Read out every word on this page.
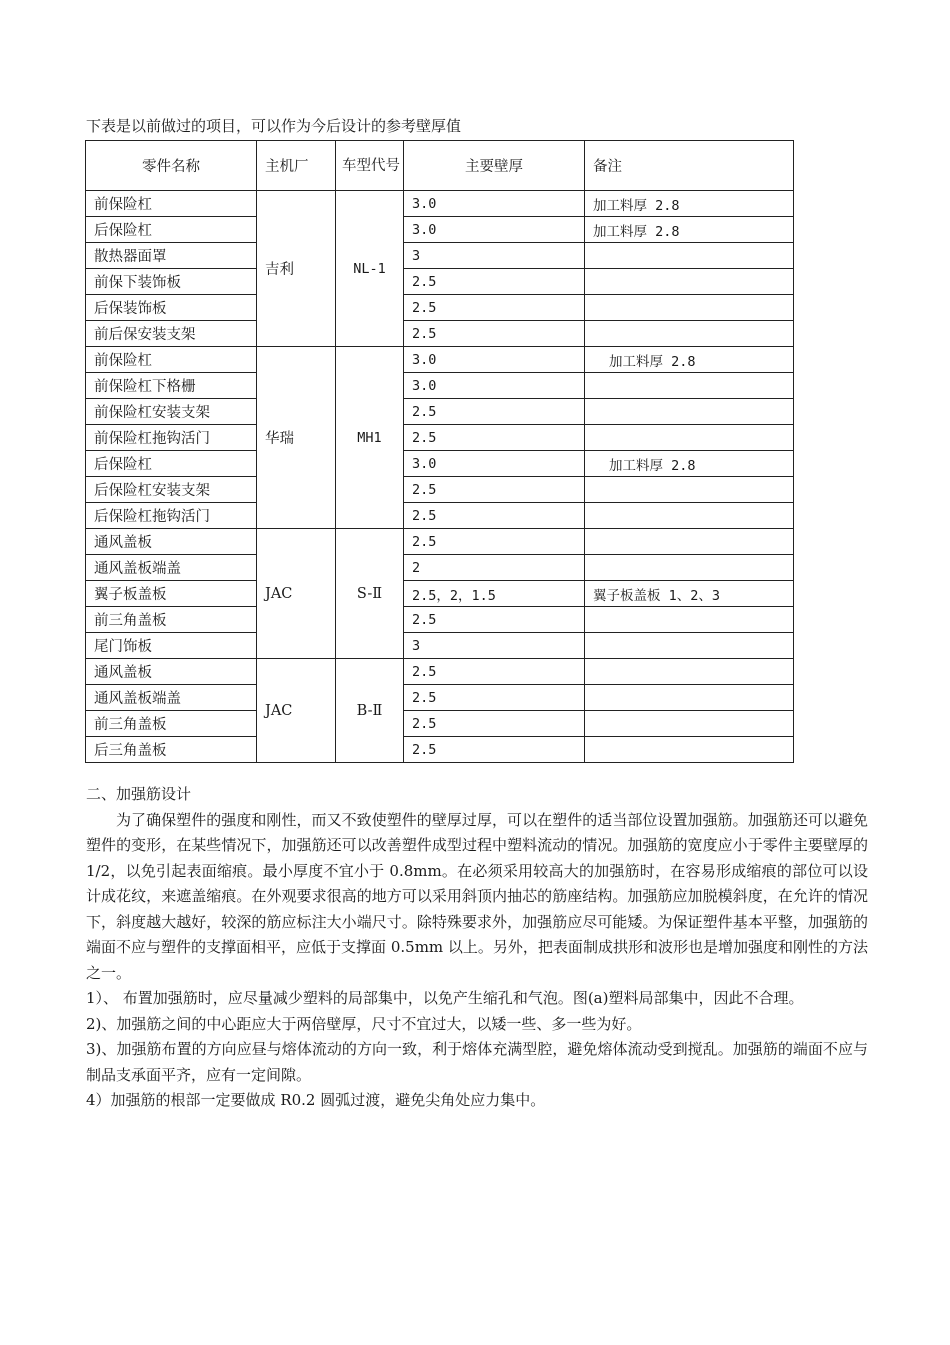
下表是以前做过的项目，可以作为今后设计的参考壁厚值
零件名称	主机厂	车型代号	主要壁厚	备注
前保险杠	吉利	NL-1	3.0	加工料厚 2.8
后保险杠			3.0	加工料厚 2.8
散热器面罩			3	
前保下装饰板			2.5	
后保装饰板			2.5	
前后保安装支架			2.5	
前保险杠	华瑞	MH1	3.0	加工料厚 2.8
前保险杠下格栅			3.0	
前保险杠安装支架			2.5	
前保险杠拖钩活门			2.5	
后保险杠			3.0	加工料厚 2.8
后保险杠安装支架			2.5	
后保险杠拖钩活门			2.5	
通风盖板	JAC	S-Ⅱ	2.5	
通风盖板端盖			2	
翼子板盖板			2.5，2，1.5	翼子板盖板 1、2、3
前三角盖板			2.5	
尾门饰板			3	
通风盖板	JAC	B-Ⅱ	2.5	
通风盖板端盖			2.5	
前三角盖板			2.5	
后三角盖板			2.5	

二、加强筋设计

为了确保塑件的强度和刚性，而又不致使塑件的壁厚过厚，可以在塑件的适当部位设置加强筋。加强筋还可以避免塑件的变形，在某些情况下，加强筋还可以改善塑件成型过程中塑料流动的情况。加强筋的宽度应小于零件主要壁厚的 1/2，以免引起表面缩痕。最小厚度不宜小于 0.8mm。在必须采用较高大的加强筋时，在容易形成缩痕的部位可以设计成花纹，来遮盖缩痕。在外观要求很高的地方可以采用斜顶内抽芯的筋座结构。加强筋应加脱模斜度，在允许的情况下，斜度越大越好，较深的筋应标注大小端尺寸。除特殊要求外，加强筋应尽可能矮。为保证塑件基本平整，加强筋的端面不应与塑件的支撑面相平，应低于支撑面 0.5mm 以上。另外，把表面制成拱形和波形也是增加强度和刚性的方法之一。

1）、 布置加强筋时，应尽量减少塑料的局部集中，以免产生缩孔和气泡。图(a)塑料局部集中，因此不合理。

2)、加强筋之间的中心距应大于两倍壁厚，尺寸不宜过大，以矮一些、多一些为好。

3)、加强筋布置的方向应昼与熔体流动的方向一致，利于熔体充满型腔，避免熔体流动受到搅乱。加强筋的端面不应与制品支承面平齐，应有一定间隙。

4）加强筋的根部一定要做成 R0.2 圆弧过渡，避免尖角处应力集中。
